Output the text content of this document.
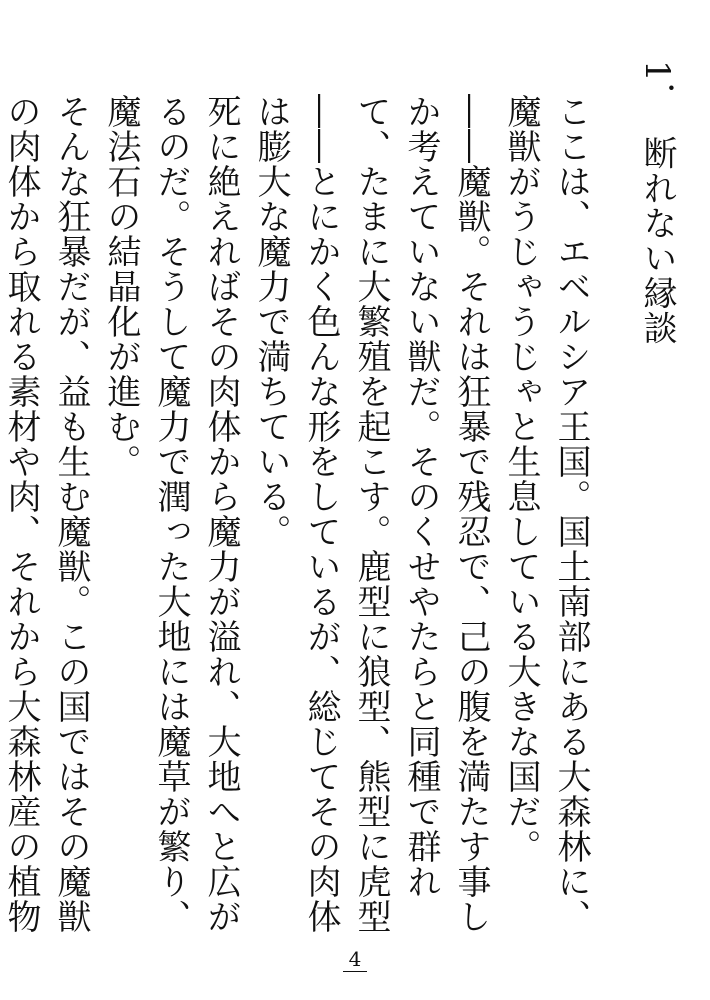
1．　断れない縁談

ここは、エベルシア王国。国土南部にある大森林に、魔獣がうじゃうじゃと生息している大きな国だ。

――魔獣。それは狂暴で残忍で、己の腹を満たす事しか考えていない獣だ。そのくせやたらと同種で群れて、たまに大繁殖を起こす。鹿型に狼型、熊型に虎型――とにかく色んな形をしているが、総じてその肉体は膨大な魔力で満ちている。

死に絶えればその肉体から魔力が溢れ、大地へと広がるのだ。そうして魔力で潤った大地には魔草が繁り、魔法石の結晶化が進む。

そんな狂暴だが、益も生む魔獣。この国ではその魔獣の肉体から取れる素材や肉、それから大森林産の植物

4
